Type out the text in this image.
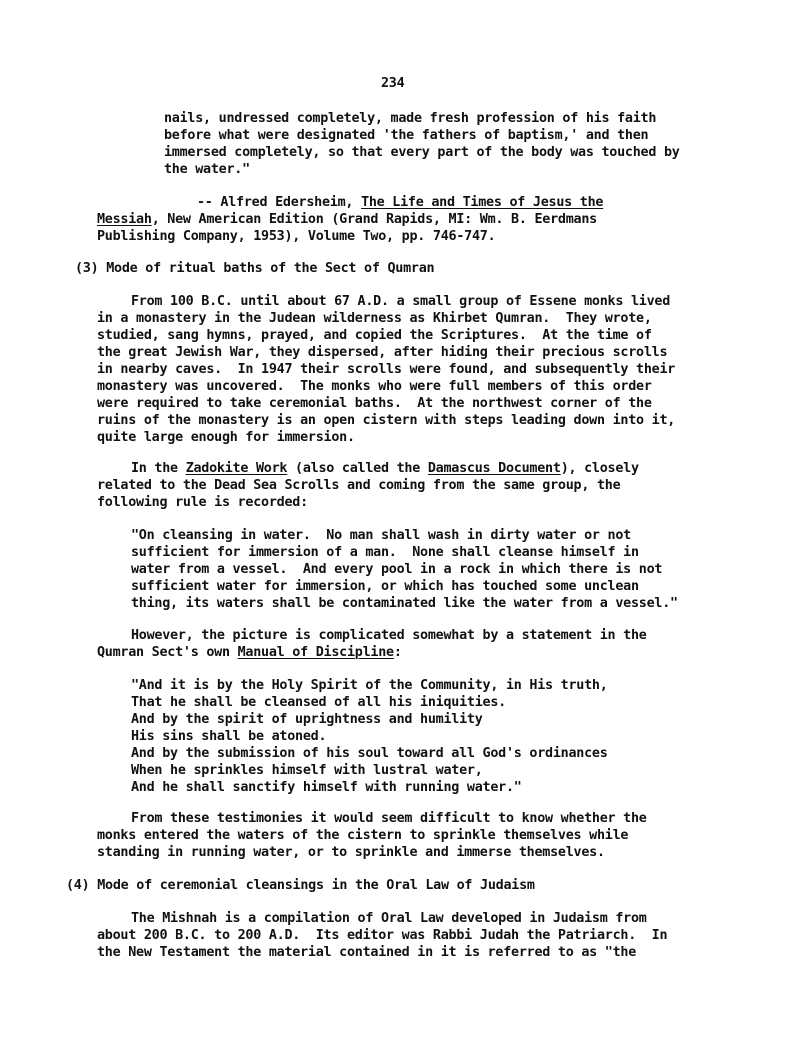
234
nails, undressed completely, made fresh profession of his faith
before what were designated 'the fathers of baptism,' and then
immersed completely, so that every part of the body was touched by
the water."
-- Alfred Edersheim, The Life and Times of Jesus the
Messiah, New American Edition (Grand Rapids, MI: Wm. B. Eerdmans
Publishing Company, 1953), Volume Two, pp. 746-747.
(3) Mode of ritual baths of the Sect of Qumran
From 100 B.C. until about 67 A.D. a small group of Essene monks lived
in a monastery in the Judean wilderness as Khirbet Qumran.  They wrote,
studied, sang hymns, prayed, and copied the Scriptures.  At the time of
the great Jewish War, they dispersed, after hiding their precious scrolls
in nearby caves.  In 1947 their scrolls were found, and subsequently their
monastery was uncovered.  The monks who were full members of this order
were required to take ceremonial baths.  At the northwest corner of the
ruins of the monastery is an open cistern with steps leading down into it,
quite large enough for immersion.
In the Zadokite Work (also called the Damascus Document), closely
related to the Dead Sea Scrolls and coming from the same group, the
following rule is recorded:
"On cleansing in water.  No man shall wash in dirty water or not
sufficient for immersion of a man.  None shall cleanse himself in
water from a vessel.  And every pool in a rock in which there is not
sufficient water for immersion, or which has touched some unclean
thing, its waters shall be contaminated like the water from a vessel."
However, the picture is complicated somewhat by a statement in the
Qumran Sect's own Manual of Discipline:
"And it is by the Holy Spirit of the Community, in His truth,
That he shall be cleansed of all his iniquities.
And by the spirit of uprightness and humility
His sins shall be atoned.
And by the submission of his soul toward all God's ordinances
When he sprinkles himself with lustral water,
And he shall sanctify himself with running water."
From these testimonies it would seem difficult to know whether the
monks entered the waters of the cistern to sprinkle themselves while
standing in running water, or to sprinkle and immerse themselves.
(4) Mode of ceremonial cleansings in the Oral Law of Judaism
The Mishnah is a compilation of Oral Law developed in Judaism from
about 200 B.C. to 200 A.D.  Its editor was Rabbi Judah the Patriarch.  In
the New Testament the material contained in it is referred to as "the
